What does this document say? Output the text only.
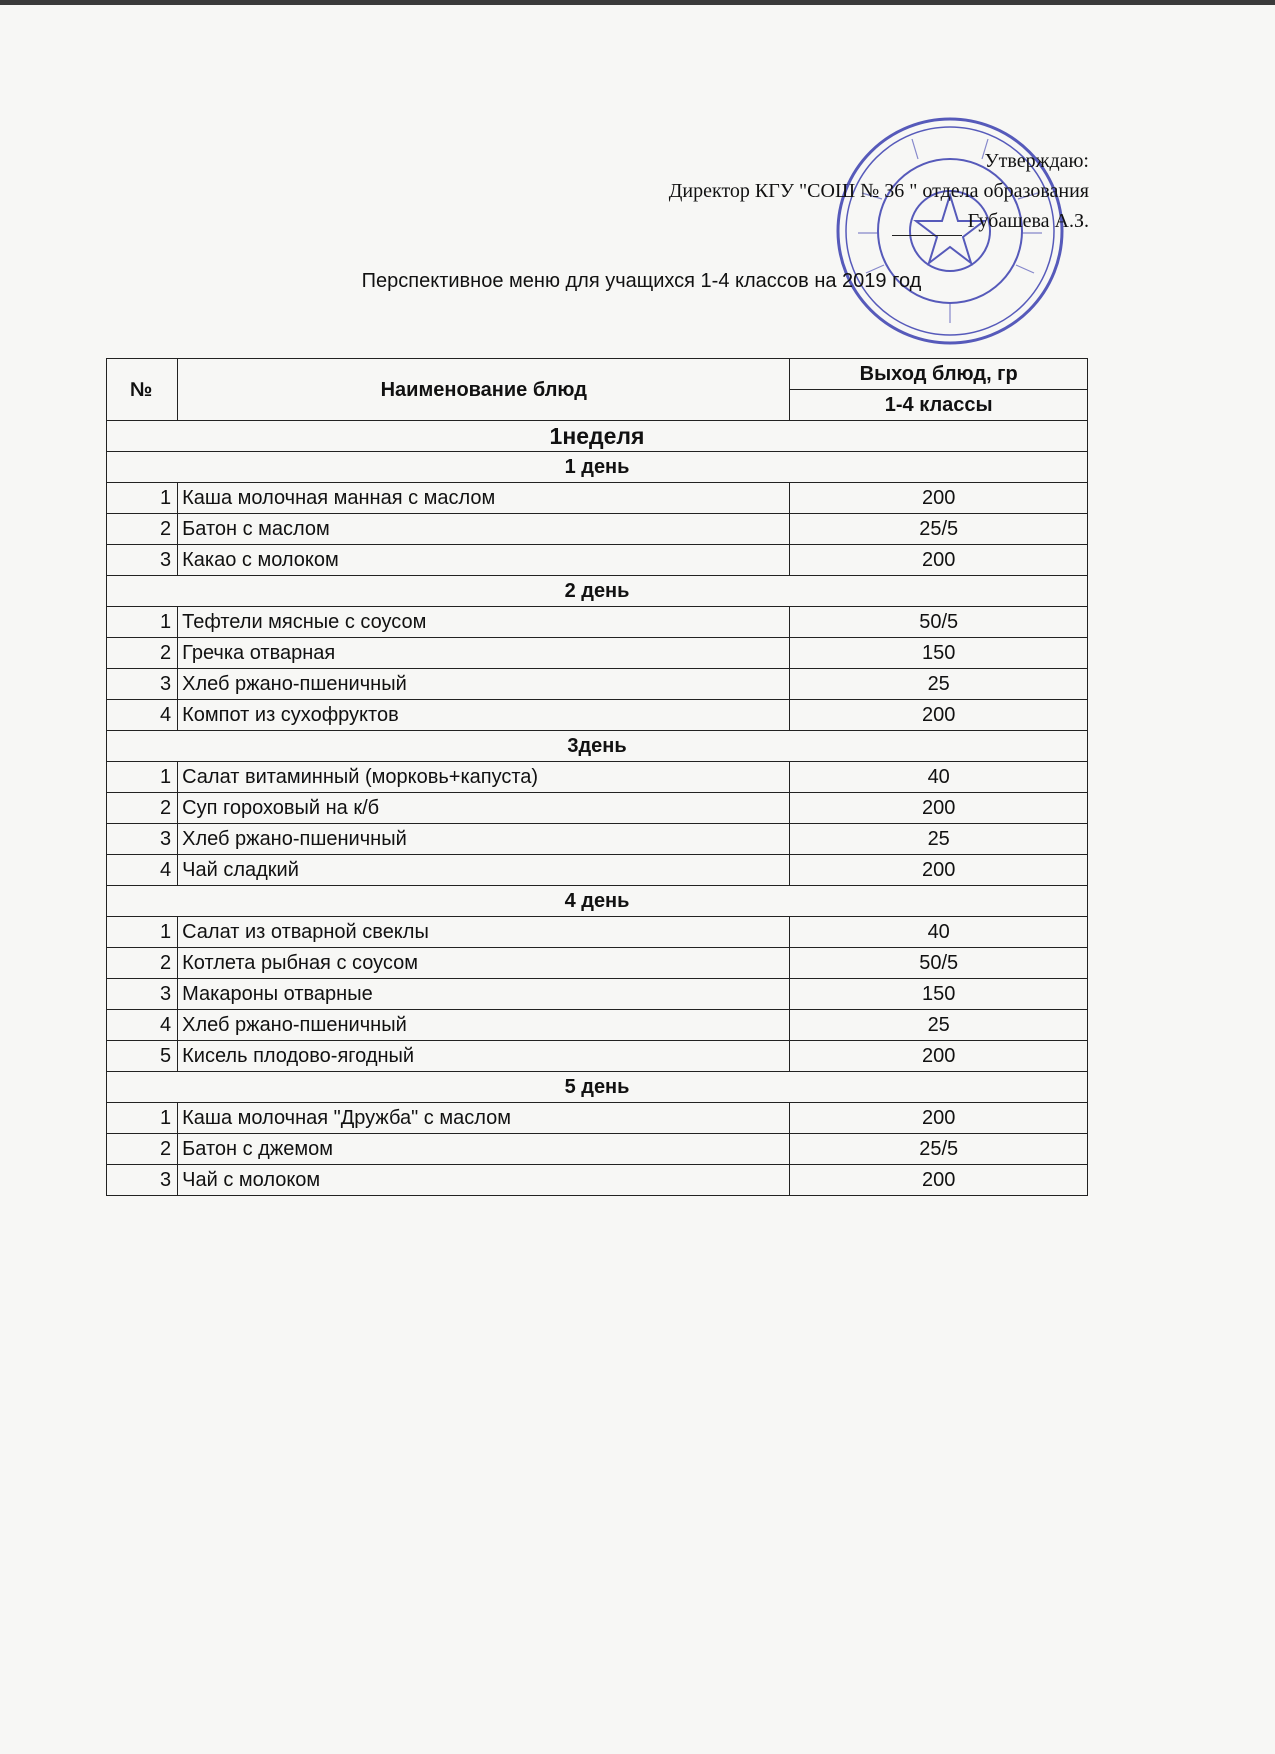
Утверждаю:
Директор КГУ "СОШ № 36 " отдела образования
Губашева А.З.
Перспективное меню для учащихся 1-4 классов на 2019 год
№	Наименование блюд	Выход блюд, гр
		1-4 классы
1неделя		
1 день		
1	Каша молочная манная с маслом	200
2	Батон с маслом	25/5
3	Какао с молоком	200
2 день		
1	Тефтели мясные с соусом	50/5
2	Гречка отварная	150
3	Хлеб ржано-пшеничный	25
4	Компот из сухофруктов	200
3день		
1	Салат витаминный (морковь+капуста)	40
2	Суп гороховый на к/б	200
3	Хлеб ржано-пшеничный	25
4	Чай сладкий	200
4 день		
1	Салат из отварной свеклы	40
2	Котлета рыбная с соусом	50/5
3	Макароны отварные	150
4	Хлеб ржано-пшеничный	25
5	Кисель плодово-ягодный	200
5 день		
1	Каша молочная "Дружба" с маслом	200
2	Батон с джемом	25/5
3	Чай с молоком	200
